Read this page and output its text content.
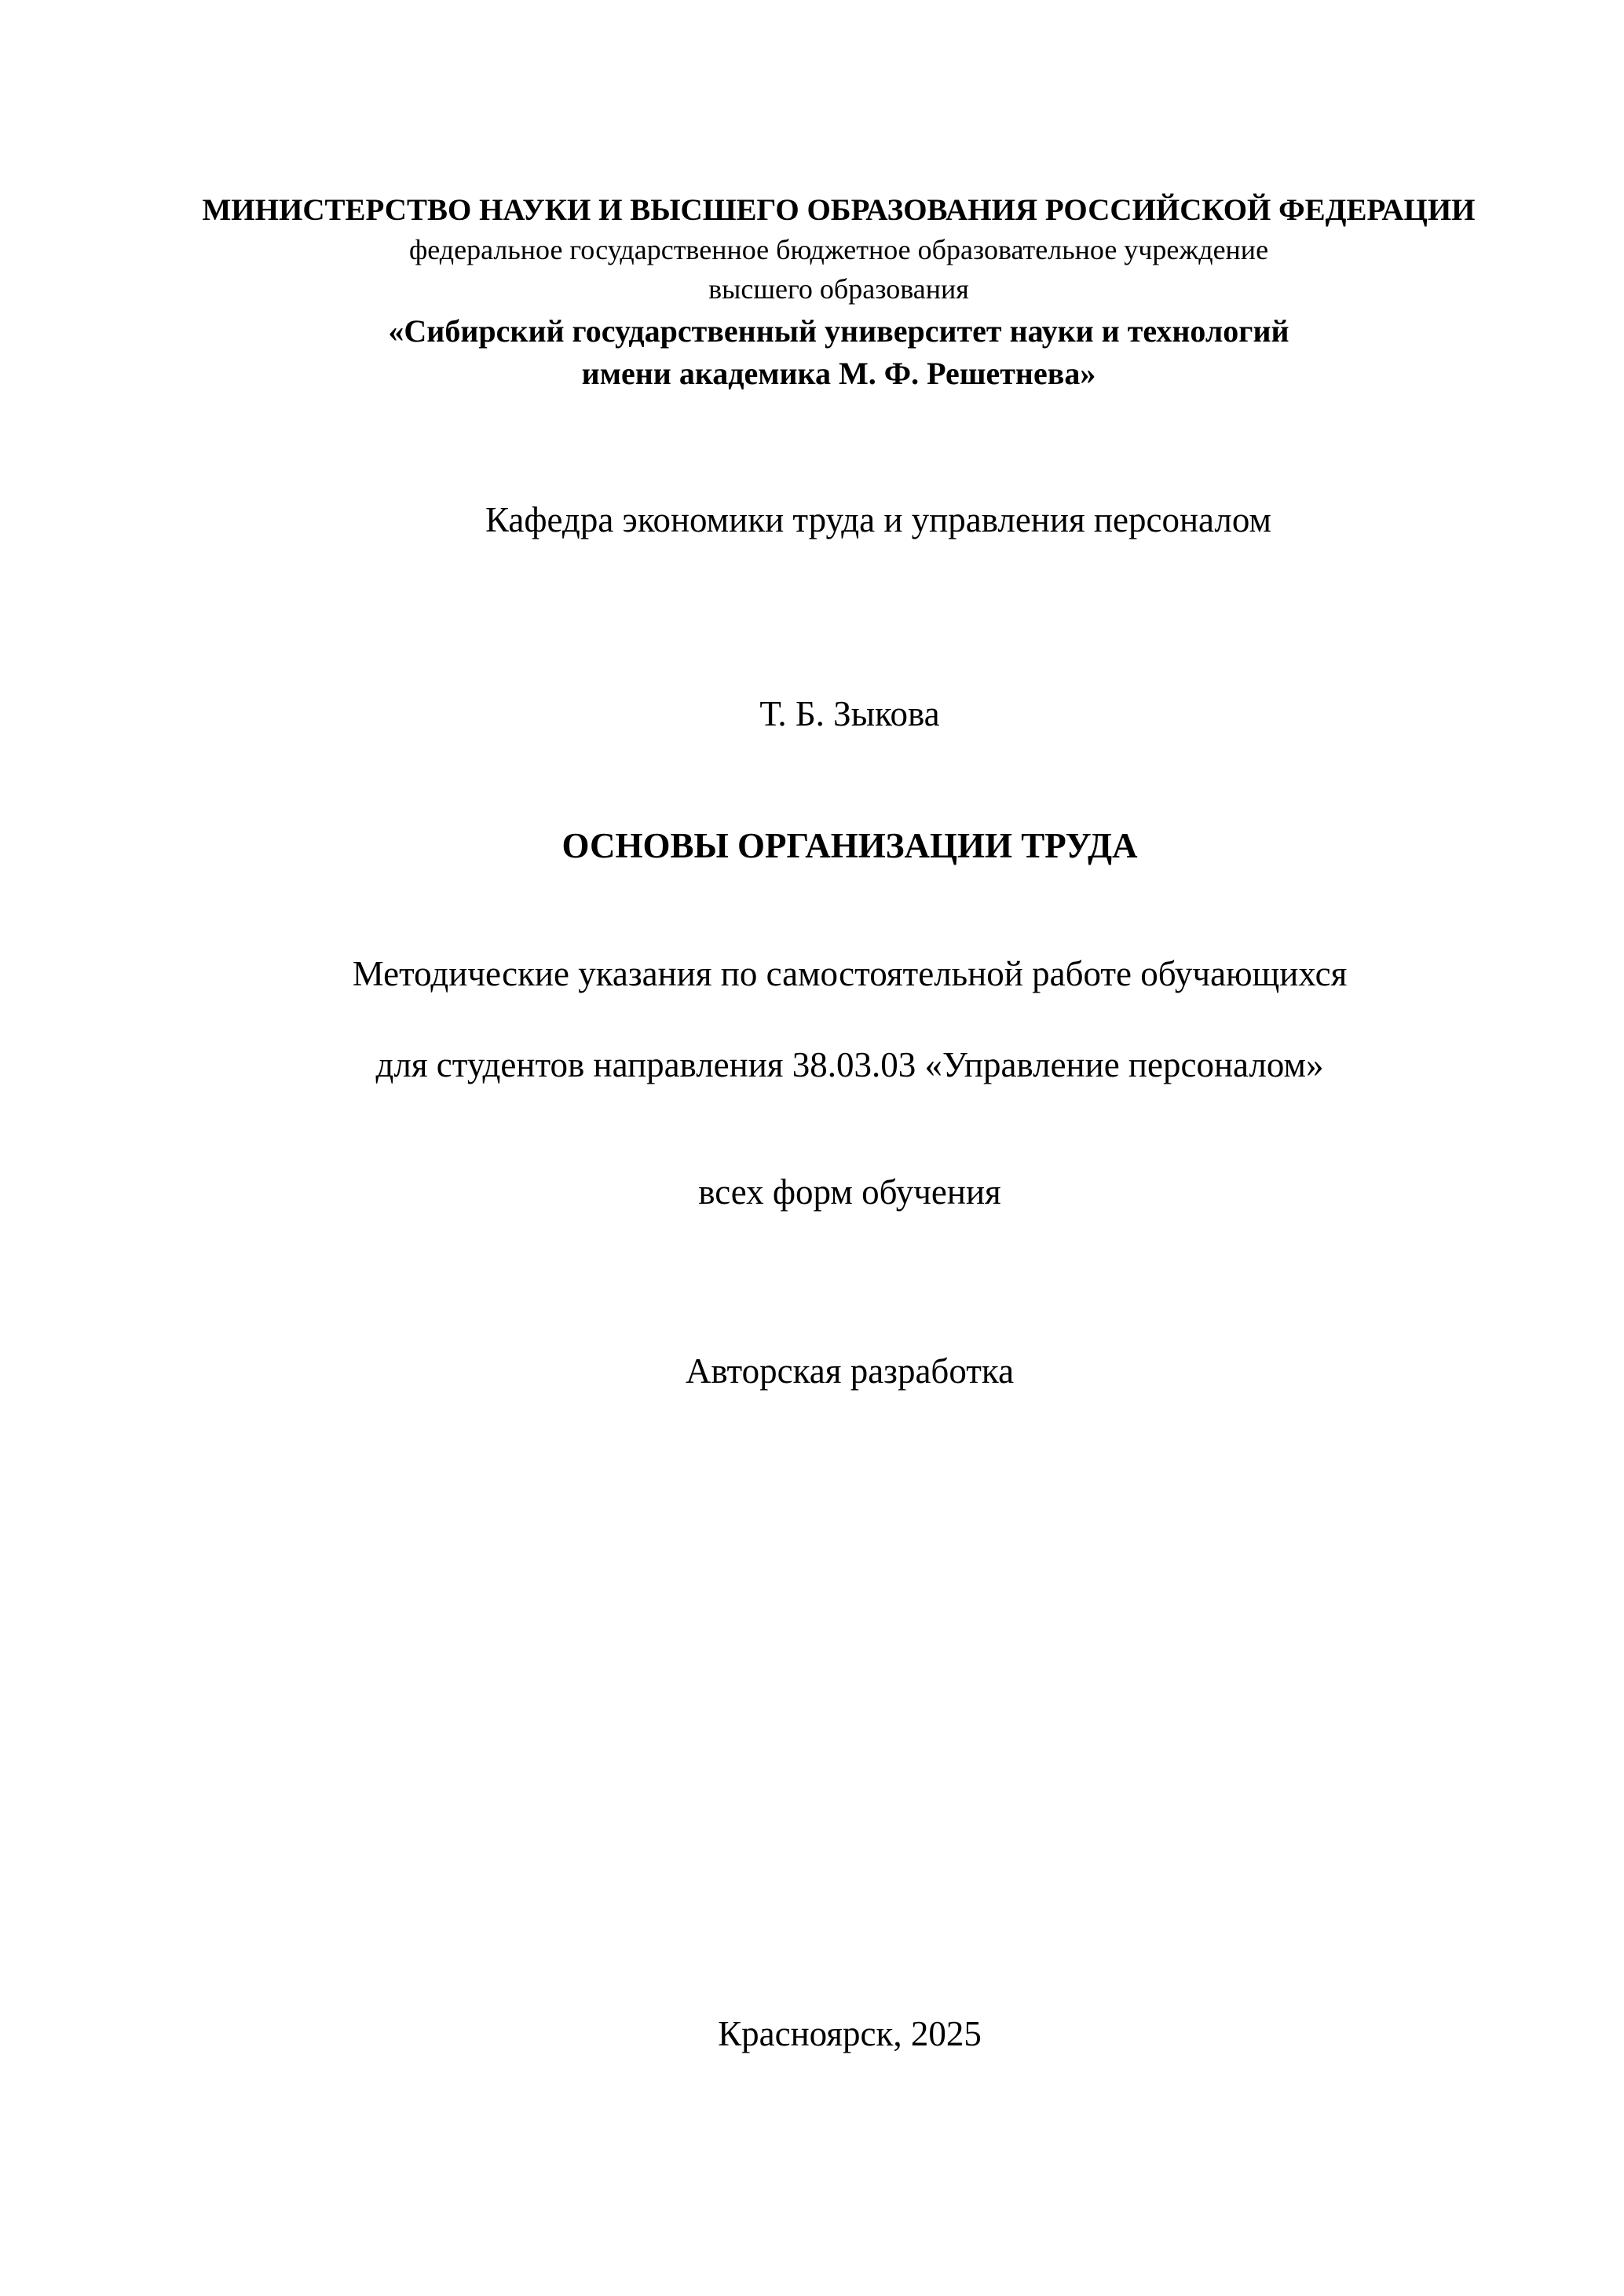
МИНИСТЕРСТВО НАУКИ И ВЫСШЕГО ОБРАЗОВАНИЯ РОССИЙСКОЙ ФЕДЕРАЦИИ
федеральное государственное бюджетное образовательное учреждение
высшего образования
«Сибирский государственный университет науки и технологий
имени академика М. Ф. Решетнева»
Кафедра экономики труда и управления персоналом
Т. Б. Зыкова
ОСНОВЫ ОРГАНИЗАЦИИ ТРУДА
Методические указания по самостоятельной работе обучающихся
для студентов направления 38.03.03 «Управление персоналом»
всех форм обучения
Авторская разработка
Красноярск, 2025
